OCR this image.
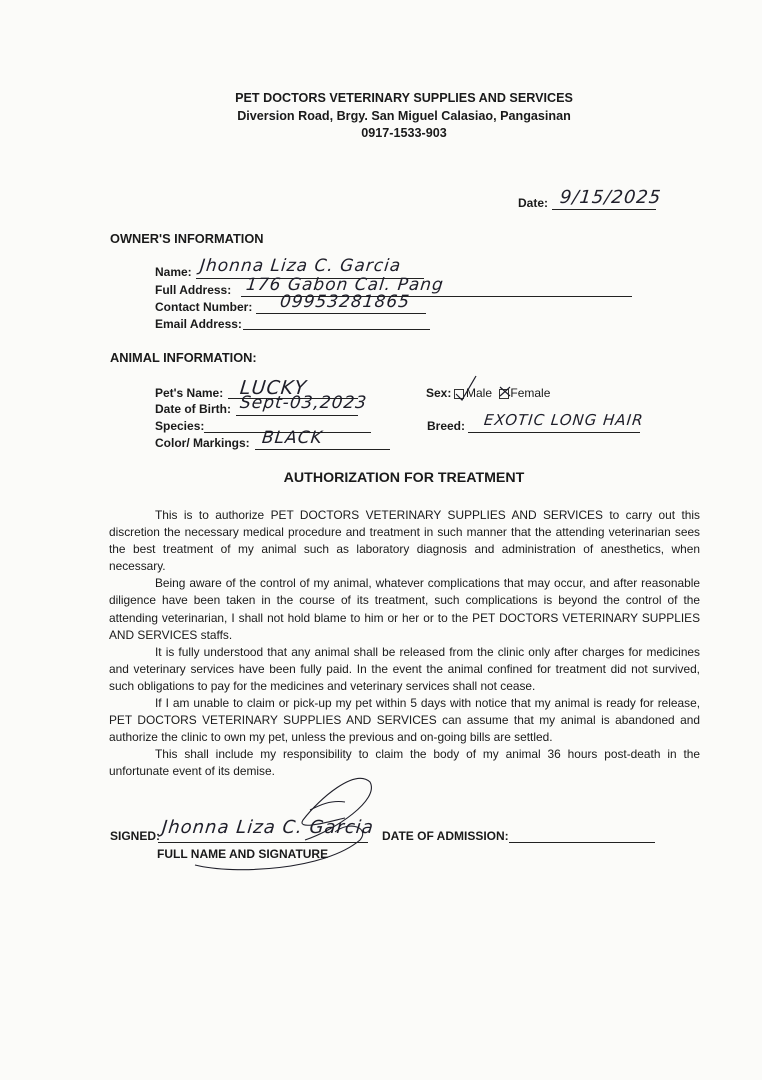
PET DOCTORS VETERINARY SUPPLIES AND SERVICES
Diversion Road, Brgy. San Miguel Calasiao, Pangasinan
0917-1533-903
Date: 9/15/2025
OWNER'S INFORMATION
Name: Jhonna Liza C. Garcia
Full Address: 176 Gabon Cal. Pang
Contact Number: 09953281865
Email Address:
ANIMAL INFORMATION:
Pet's Name: LUCKY
Date of Birth: Sept-03,2023
Species:
Color/ Markings: BLACK
Sex:	Male Female
Breed: EXOTIC LONG HAIR
AUTHORIZATION FOR TREATMENT

This is to authorize PET DOCTORS VETERINARY SUPPLIES AND SERVICES to carry out this discretion the necessary medical procedure and treatment in such manner that the attending veterinarian sees the best treatment of my animal such as laboratory diagnosis and administration of anesthetics, when necessary.

Being aware of the control of my animal, whatever complications that may occur, and after reasonable diligence have been taken in the course of its treatment, such complications is beyond the control of the attending veterinarian, I shall not hold blame to him or her or to the PET DOCTORS VETERINARY SUPPLIES AND SERVICES staffs.

It is fully understood that any animal shall be released from the clinic only after charges for medicines and veterinary services have been fully paid. In the event the animal confined for treatment did not survived, such obligations to pay for the medicines and veterinary services shall not cease.

If I am unable to claim or pick-up my pet within 5 days with notice that my animal is ready for release, PET DOCTORS VETERINARY SUPPLIES AND SERVICES can assume that my animal is abandoned and authorize the clinic to own my pet, unless the previous and on-going bills are settled.

This shall include my responsibility to claim the body of my animal 36 hours post-death in the unfortunate event of its demise.

SIGNED: Jhonna Liza C. Garcia
FULL NAME AND SIGNATURE
DATE OF ADMISSION:
